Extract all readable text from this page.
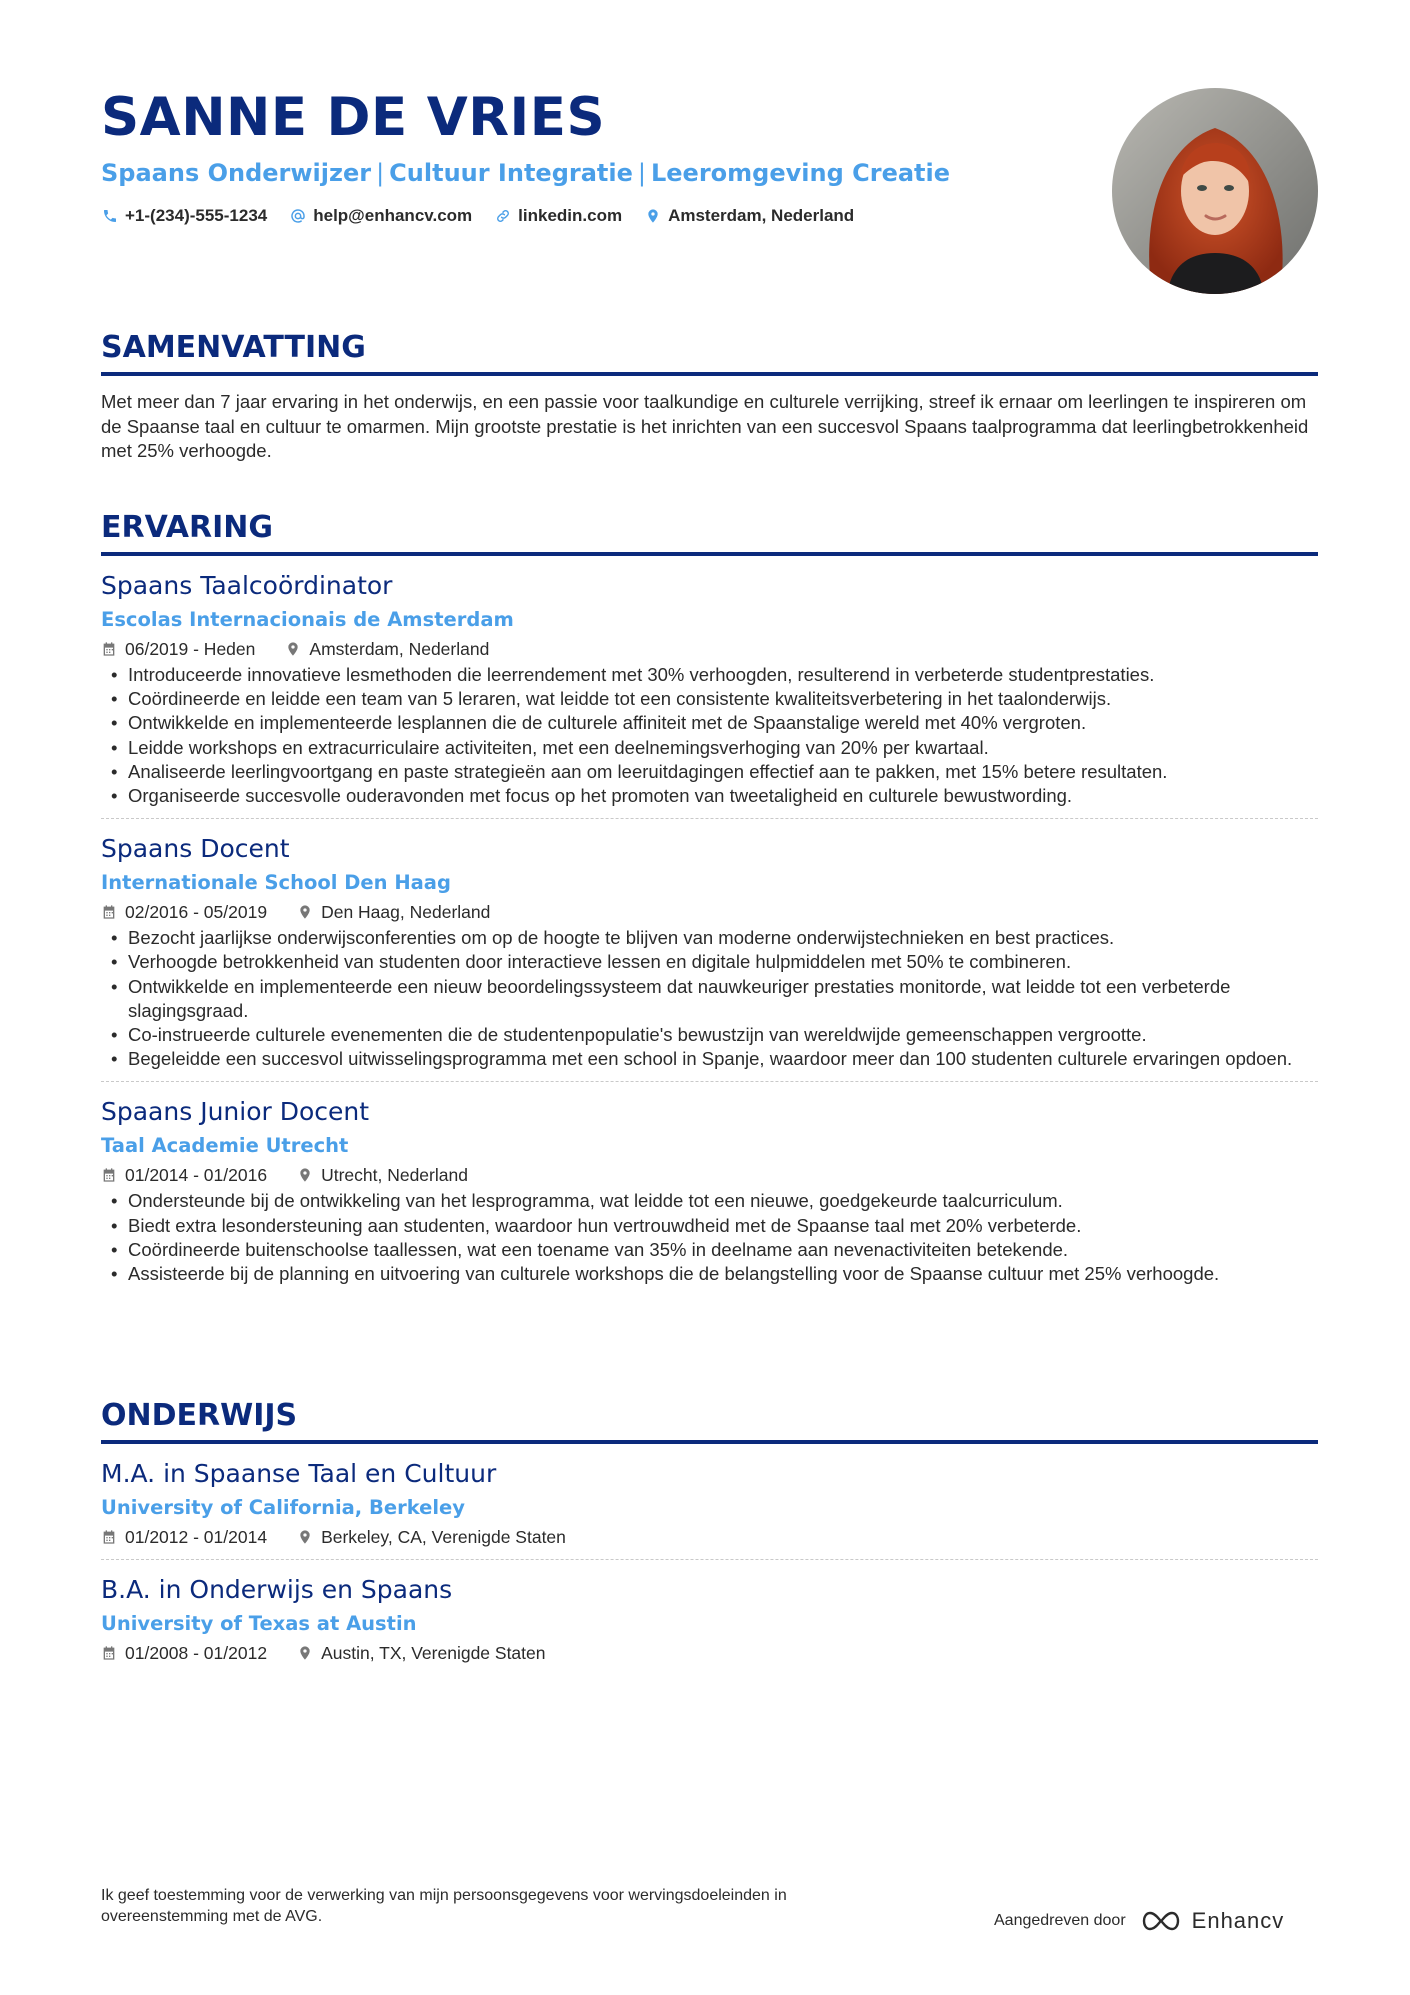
SANNE DE VRIES
Spaans Onderwijzer | Cultuur Integratie | Leeromgeving Creatie
+1-(234)-555-1234	help@enhancv.com	linkedin.com	Amsterdam, Nederland
SAMENVATTING
Met meer dan 7 jaar ervaring in het onderwijs, en een passie voor taalkundige en culturele verrijking, streef ik ernaar om leerlingen te inspireren om de Spaanse taal en cultuur te omarmen. Mijn grootste prestatie is het inrichten van een succesvol Spaans taalprogramma dat leerlingbetrokkenheid met 25% verhoogde.
ERVARING
Spaans Taalcoördinator
Escolas Internacionais de Amsterdam
06/2019 - Heden	Amsterdam, Nederland
• Introduceerde innovatieve lesmethoden die leerrendement met 30% verhoogden, resulterend in verbeterde studentprestaties.
• Coördineerde en leidde een team van 5 leraren, wat leidde tot een consistente kwaliteitsverbetering in het taalonderwijs.
• Ontwikkelde en implementeerde lesplannen die de culturele affiniteit met de Spaanstalige wereld met 40% vergroten.
• Leidde workshops en extracurriculaire activiteiten, met een deelnemingsverhoging van 20% per kwartaal.
• Analiseerde leerlingvoortgang en paste strategieën aan om leeruitdagingen effectief aan te pakken, met 15% betere resultaten.
• Organiseerde succesvolle ouderavonden met focus op het promoten van tweetaligheid en culturele bewustwording.
Spaans Docent
Internationale School Den Haag
02/2016 - 05/2019	Den Haag, Nederland
• Bezocht jaarlijkse onderwijsconferenties om op de hoogte te blijven van moderne onderwijstechnieken en best practices.
• Verhoogde betrokkenheid van studenten door interactieve lessen en digitale hulpmiddelen met 50% te combineren.
• Ontwikkelde en implementeerde een nieuw beoordelingssysteem dat nauwkeuriger prestaties monitorde, wat leidde tot een verbeterde slagingsgraad.
• Co-instrueerde culturele evenementen die de studentenpopulatie's bewustzijn van wereldwijde gemeenschappen vergrootte.
• Begeleidde een succesvol uitwisselingsprogramma met een school in Spanje, waardoor meer dan 100 studenten culturele ervaringen opdoen.
Spaans Junior Docent
Taal Academie Utrecht
01/2014 - 01/2016	Utrecht, Nederland
• Ondersteunde bij de ontwikkeling van het lesprogramma, wat leidde tot een nieuwe, goedgekeurde taalcurriculum.
• Biedt extra lesondersteuning aan studenten, waardoor hun vertrouwdheid met de Spaanse taal met 20% verbeterde.
• Coördineerde buitenschoolse taallessen, wat een toename van 35% in deelname aan nevenactiviteiten betekende.
• Assisteerde bij de planning en uitvoering van culturele workshops die de belangstelling voor de Spaanse cultuur met 25% verhoogde.
ONDERWIJS
M.A. in Spaanse Taal en Cultuur
University of California, Berkeley
01/2012 - 01/2014	Berkeley, CA, Verenigde Staten
B.A. in Onderwijs en Spaans
University of Texas at Austin
01/2008 - 01/2012	Austin, TX, Verenigde Staten
Ik geef toestemming voor de verwerking van mijn persoonsgegevens voor wervingsdoeleinden in overeenstemming met de AVG.	Aangedreven door	Enhancv
